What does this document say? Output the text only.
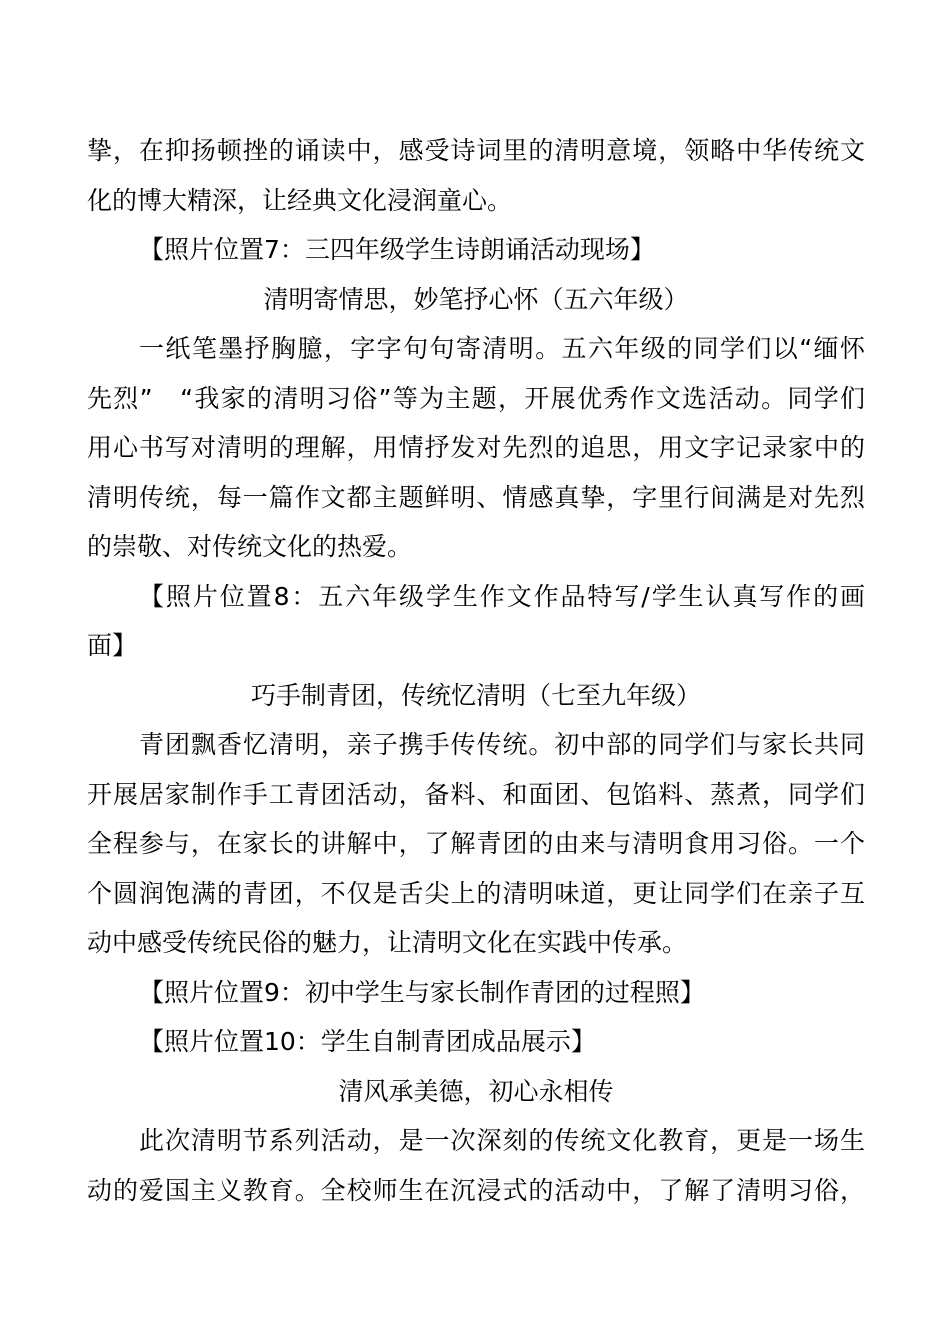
挚，在抑扬顿挫的诵读中，感受诗词里的清明意境，领略中华传统文
化的博大精深，让经典文化浸润童心。
【照片位置7：三四年级学生诗朗诵活动现场】
清明寄情思，妙笔抒心怀（五六年级）
一纸笔墨抒胸臆，字字句句寄清明。五六年级的同学们以“缅怀
先烈”　“我家的清明习俗”等为主题，开展优秀作文选活动。同学们
用心书写对清明的理解，用情抒发对先烈的追思，用文字记录家中的
清明传统，每一篇作文都主题鲜明、情感真挚，字里行间满是对先烈
的崇敬、对传统文化的热爱。
【照片位置8：五六年级学生作文作品特写/学生认真写作的画
面】
巧手制青团，传统忆清明（七至九年级）
青团飘香忆清明，亲子携手传传统。初中部的同学们与家长共同
开展居家制作手工青团活动，备料、和面团、包馅料、蒸煮，同学们
全程参与，在家长的讲解中，了解青团的由来与清明食用习俗。一个
个圆润饱满的青团，不仅是舌尖上的清明味道，更让同学们在亲子互
动中感受传统民俗的魅力，让清明文化在实践中传承。
【照片位置9：初中学生与家长制作青团的过程照】
【照片位置10：学生自制青团成品展示】
清风承美德，初心永相传
此次清明节系列活动，是一次深刻的传统文化教育，更是一场生
动的爱国主义教育。全校师生在沉浸式的活动中，了解了清明习俗，
